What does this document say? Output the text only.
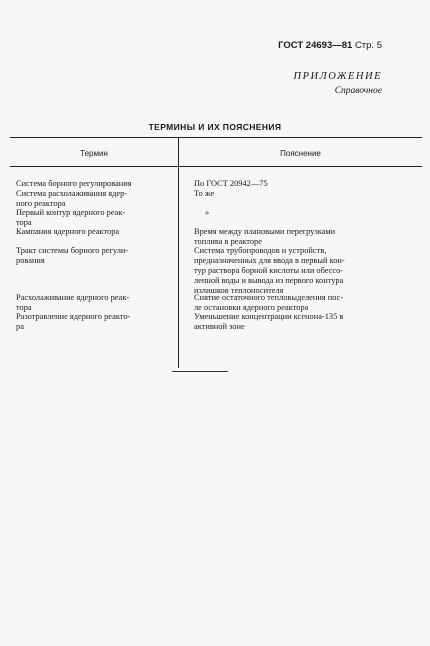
ГОСТ 24693—81 Стр. 5
ПРИЛОЖЕНИЕ
Справочное
ТЕРМИНЫ И ИХ ПОЯСНЕНИЯ
Термин	Пояснение
Система борного регулирования
Система расхолаживания ядер-
ного реактора
Первый контур ядерного реак-
тора
Кампания ядерного реактора
Тракт системы борного регули-
рования
Расхолаживание ядерного реак-
тора
Разотравление ядерного реакто-
ра
По ГОСТ 20942—75
То же
»
Время между плановыми перегрузками
топлива в реакторе
Система трубопроводов и устройств,
предназначенных для ввода в первый кон-
тур раствора борной кислоты или обессо-
ленной воды и вывода из первого контура
излишков теплоносителя
Снятие остаточного тепловыделения пос-
ле остановки ядерного реактора
Уменьшение концентрации ксенона-135 в
активной зоне
